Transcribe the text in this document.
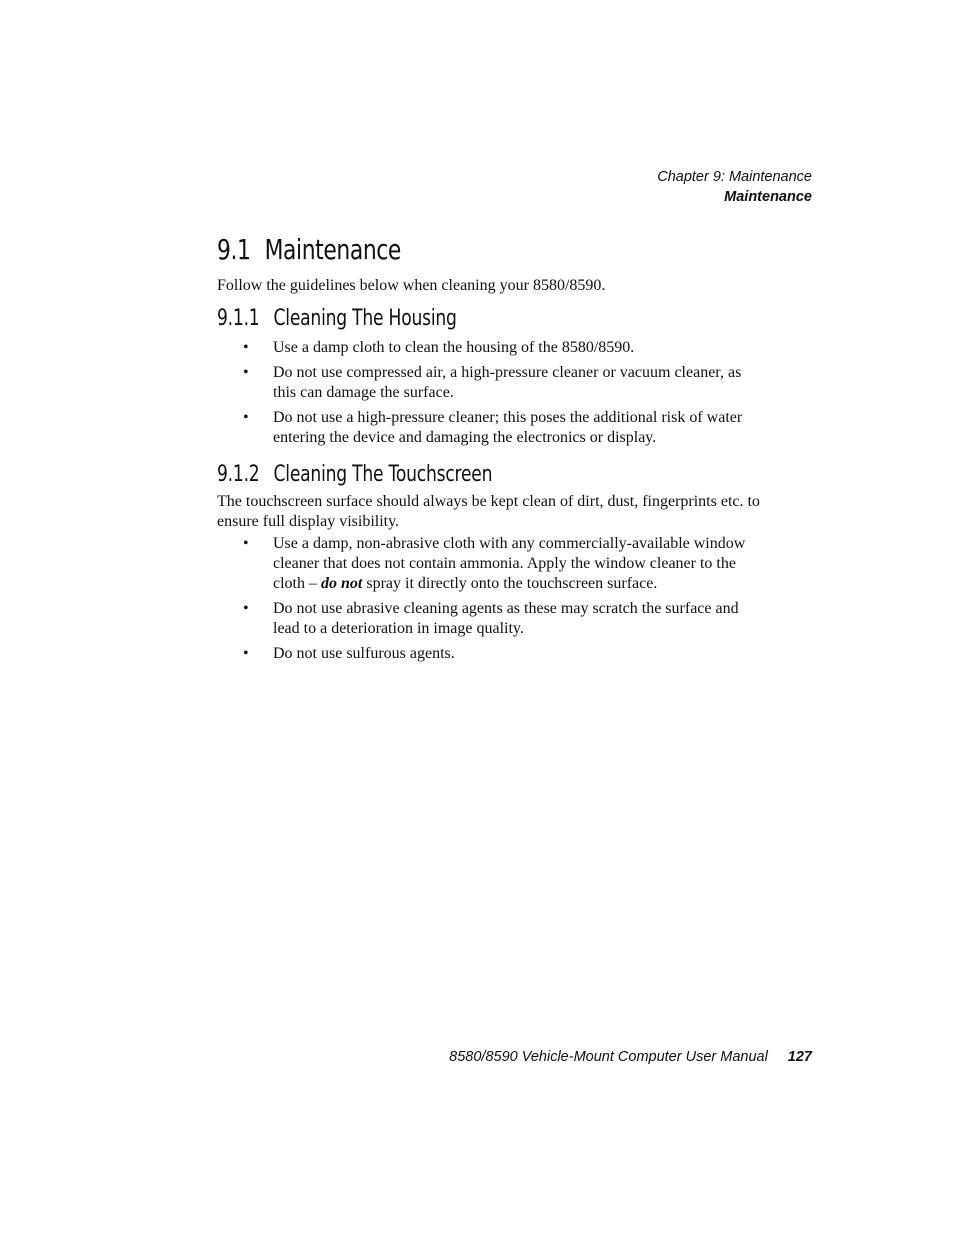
Chapter 9: Maintenance
Maintenance
9.1 Maintenance

Follow the guidelines below when cleaning your 8580/8590.

9.1.1 Cleaning The Housing
• Use a damp cloth to clean the housing of the 8580/8590.
• Do not use compressed air, a high-pressure cleaner or vacuum cleaner, as this can damage the surface.
• Do not use a high-pressure cleaner; this poses the additional risk of water entering the device and damaging the electronics or display.
9.1.2 Cleaning The Touchscreen

The touchscreen surface should always be kept clean of dirt, dust, fingerprints etc. to ensure full display visibility.

• Use a damp, non-abrasive cloth with any commercially-available window cleaner that does not contain ammonia. Apply the window cleaner to the cloth – do not spray it directly onto the touchscreen surface.
• Do not use abrasive cleaning agents as these may scratch the surface and lead to a deterioration in image quality.
• Do not use sulfurous agents.
8580/8590 Vehicle-Mount Computer User Manual 127
